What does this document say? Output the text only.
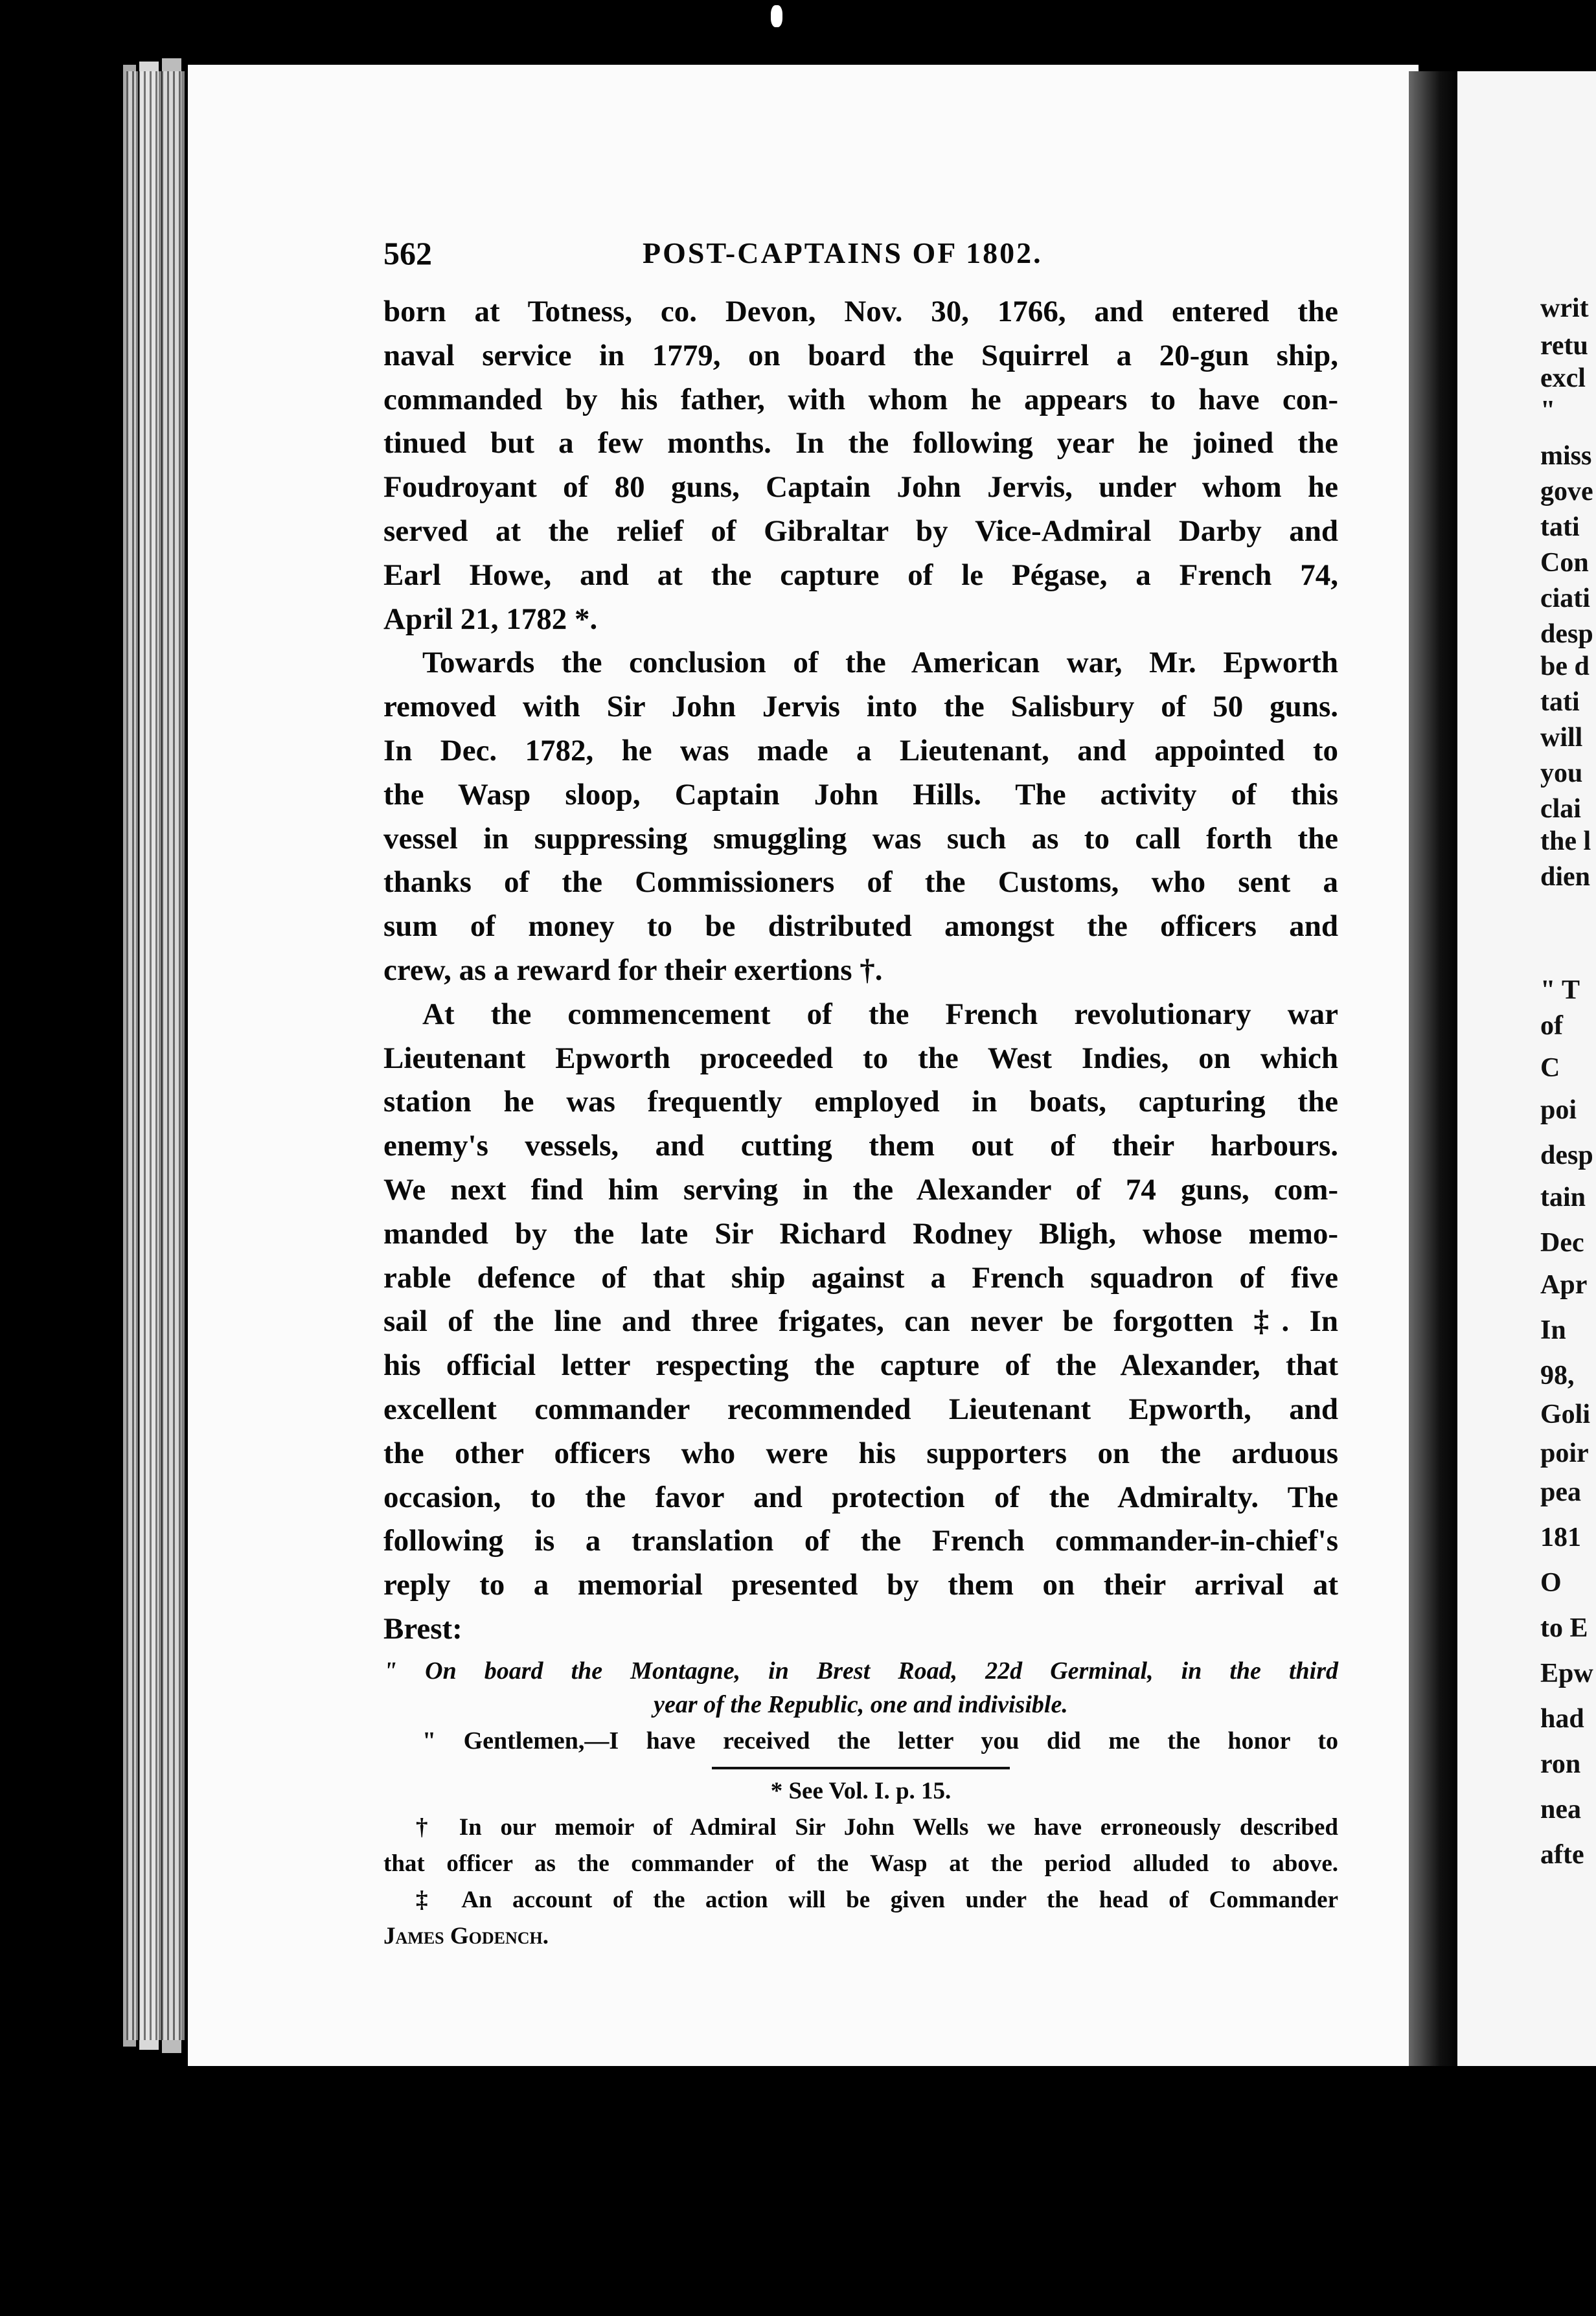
562	POST-CAPTAINS OF 1802.
born at Totness, co. Devon, Nov. 30, 1766, and entered the
naval service in 1779, on board the Squirrel a 20-gun ship,
commanded by his father, with whom he appears to have con-
tinued but a few months. In the following year he joined the
Foudroyant of 80 guns, Captain John Jervis, under whom he
served at the relief of Gibraltar by Vice-Admiral Darby and
Earl Howe, and at the capture of le Pégase, a French 74,
April 21, 1782 *.
Towards the conclusion of the American war, Mr. Epworth
removed with Sir John Jervis into the Salisbury of 50 guns.
In Dec. 1782, he was made a Lieutenant, and appointed to
the Wasp sloop, Captain John Hills. The activity of this
vessel in suppressing smuggling was such as to call forth the
thanks of the Commissioners of the Customs, who sent a
sum of money to be distributed amongst the officers and
crew, as a reward for their exertions †.
At the commencement of the French revolutionary war
Lieutenant Epworth proceeded to the West Indies, on which
station he was frequently employed in boats, capturing the
enemy's vessels, and cutting them out of their harbours.
We next find him serving in the Alexander of 74 guns, com-
manded by the late Sir Richard Rodney Bligh, whose memo-
rable defence of that ship against a French squadron of five
sail of the line and three frigates, can never be forgotten ‡. In
his official letter respecting the capture of the Alexander, that
excellent commander recommended Lieutenant Epworth, and
the other officers who were his supporters on the arduous
occasion, to the favor and protection of the Admiralty. The
following is a translation of the French commander-in-chief's
reply to a memorial presented by them on their arrival at
Brest:
" On board the Montagne, in Brest Road, 22d Germinal, in the third
year of the Republic, one and indivisible.
" Gentlemen,—I have received the letter you did me the honor to
* See Vol. I. p. 15.
† In our memoir of Admiral Sir John Wells we have erroneously described
that officer as the commander of the Wasp at the period alluded to above.
‡ An account of the action will be given under the head of Commander
James Godench.
writ
retu
excl
"
miss
gove
tati
Con
ciati
desp
be d
tati
will
you
clai
the l
dien
" T
of
C
poi
desp
tain
Dec
Apr
In
98,
Goli
poir
pea
181
O
to E
Epw
had
ron
nea
afte
